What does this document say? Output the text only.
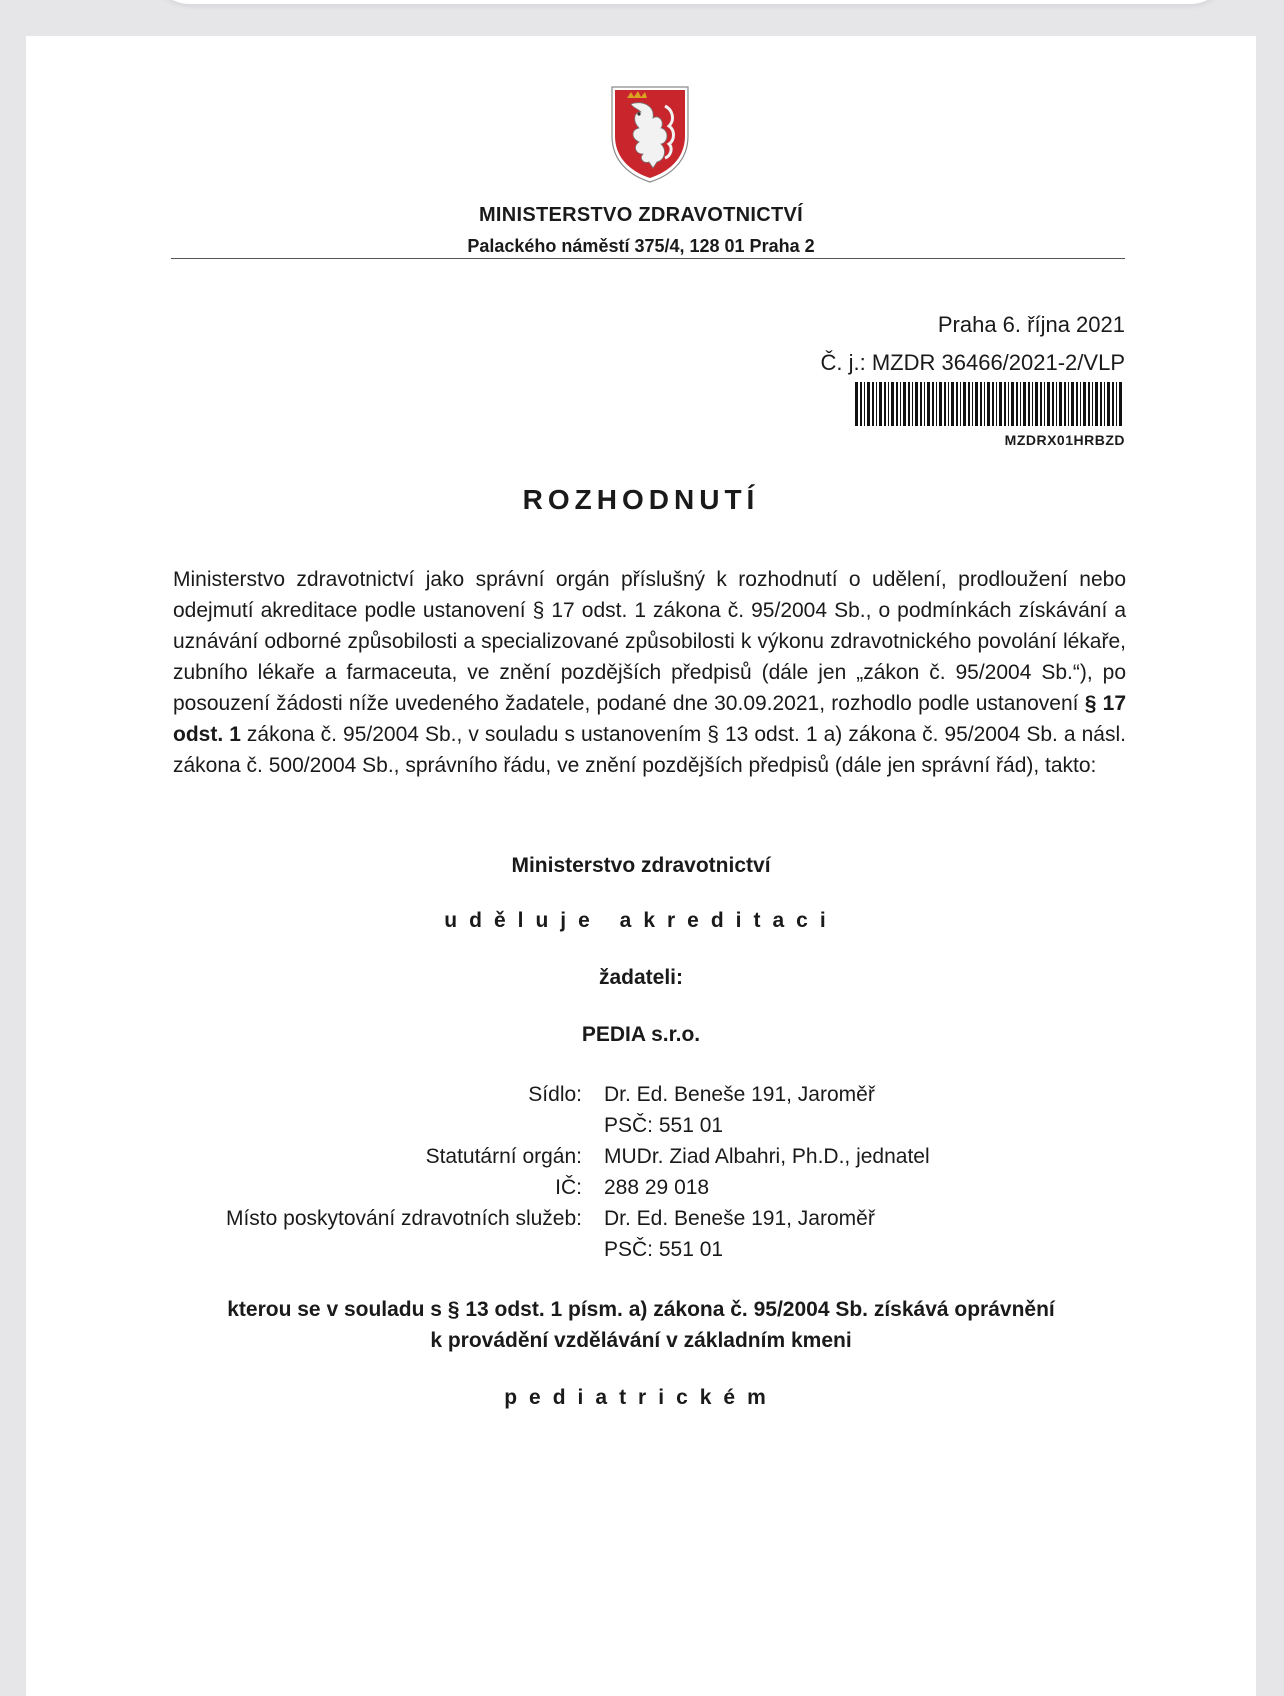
MINISTERSTVO ZDRAVOTNICTVÍ
Palackého náměstí 375/4, 128 01 Praha 2
Praha 6. října 2021
Č. j.: MZDR 36466/2021-2/VLP
MZDRX01HRBZD
ROZHODNUTÍ

Ministerstvo zdravotnictví jako správní orgán příslušný k rozhodnutí o udělení, prodloužení nebo odejmutí akreditace podle ustanovení § 17 odst. 1 zákona č. 95/2004 Sb., o podmínkách získávání a uznávání odborné způsobilosti a specializované způsobilosti k výkonu zdravotnického povolání lékaře, zubního lékaře a farmaceuta, ve znění pozdějších předpisů (dále jen „zákon č. 95/2004 Sb.“), po posouzení žádosti níže uvedeného žadatele, podané dne 30.09.2021, rozhodlo podle ustanovení § 17 odst. 1 zákona č. 95/2004 Sb., v souladu s ustanovením § 13 odst. 1 a) zákona č. 95/2004 Sb. a násl. zákona č. 500/2004 Sb., správního řádu, ve znění pozdějších předpisů (dále jen správní řád), takto:

Ministerstvo zdravotnictví
uděluje akreditaci
žadateli:
PEDIA s.r.o.
Sídlo:	Dr. Ed. Beneše 191, Jaroměř
PSČ: 551 01
Statutární orgán:	MUDr. Ziad Albahri, Ph.D., jednatel
IČ:	288 29 018
Místo poskytování zdravotních služeb:	Dr. Ed. Beneše 191, Jaroměř
PSČ: 551 01
kterou se v souladu s § 13 odst. 1 písm. a) zákona č. 95/2004 Sb. získává oprávnění
k provádění vzdělávání v základním kmeni
pediatrickém
